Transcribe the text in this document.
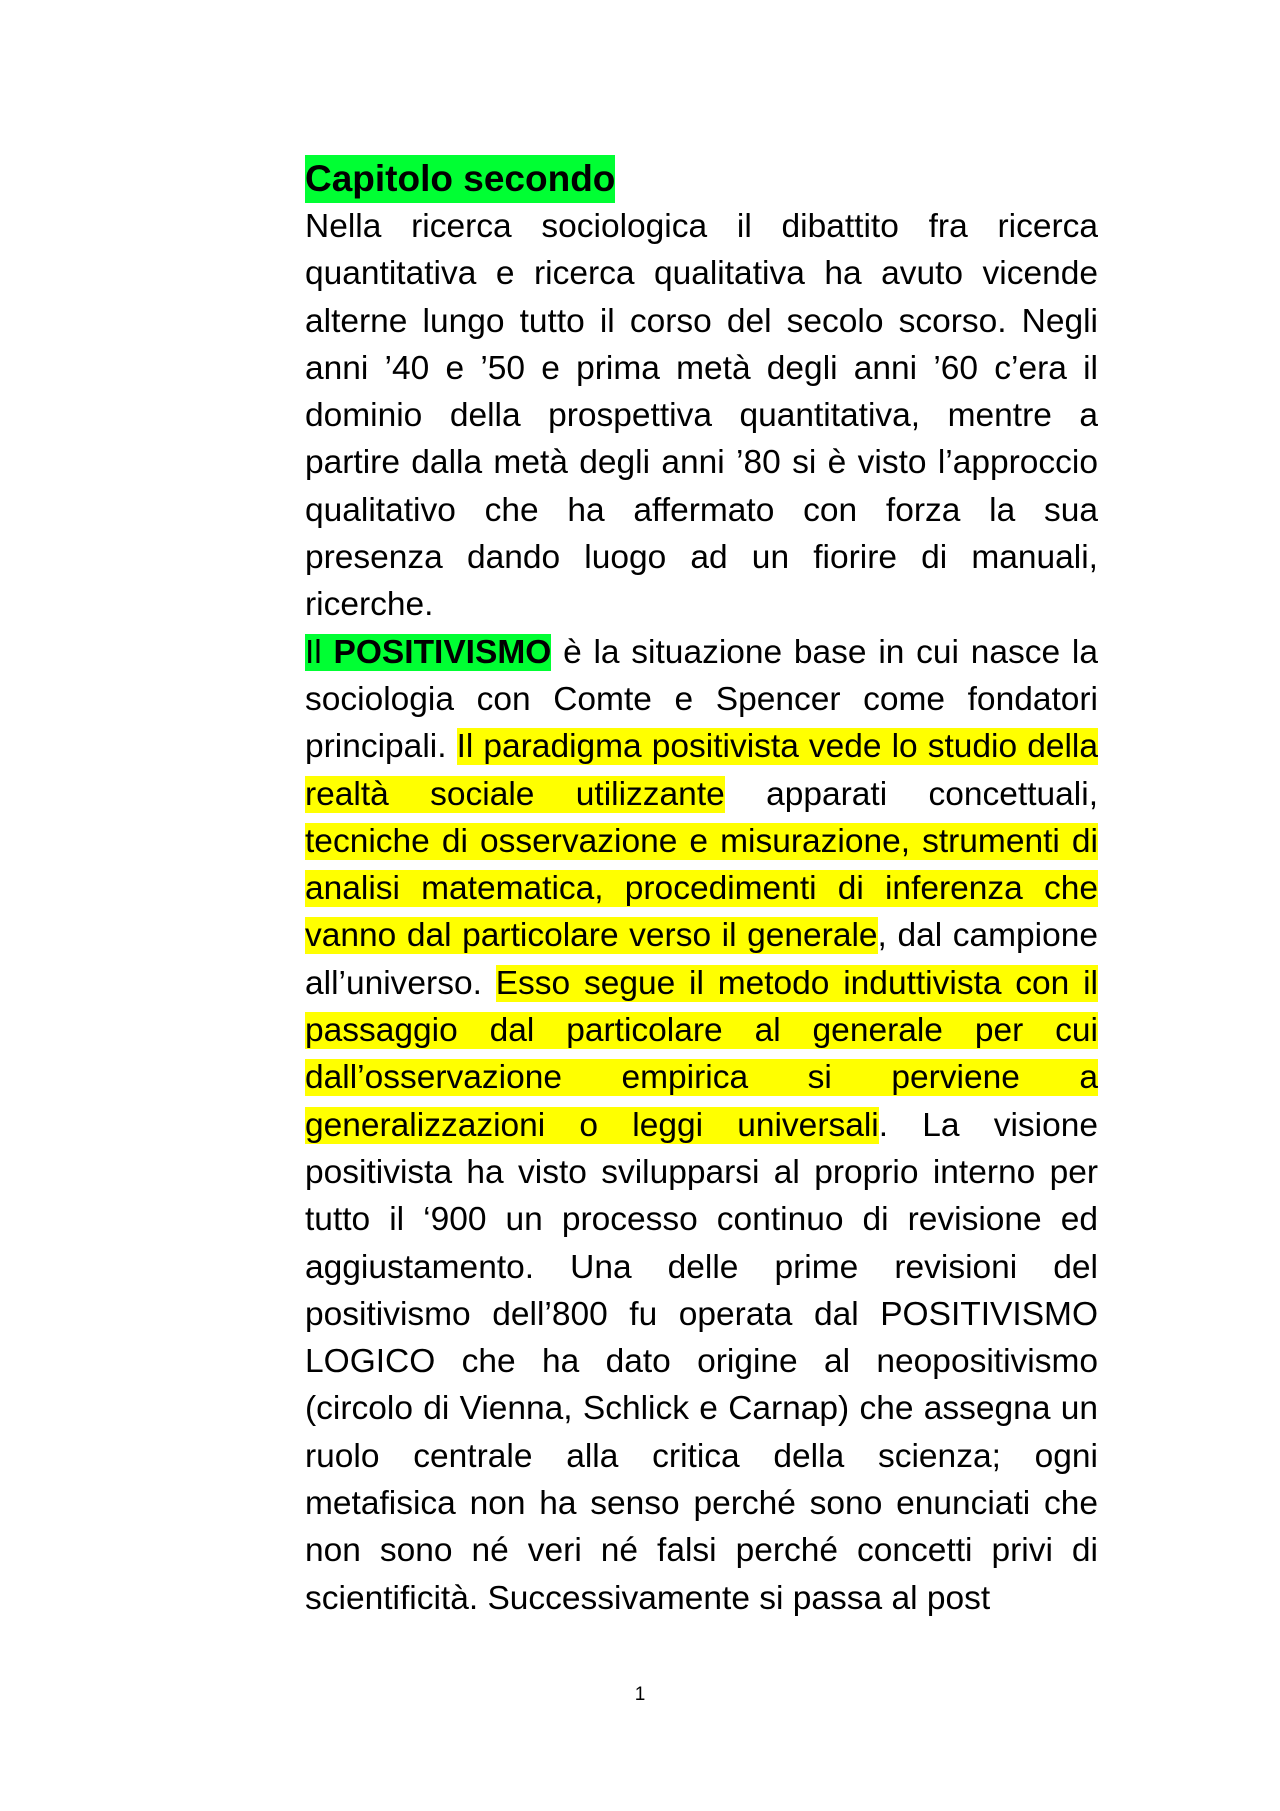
Capitolo secondo

Nella ricerca sociologica il dibattito fra ricerca quantitativa e ricerca qualitativa ha avuto vicende alterne lungo tutto il corso del secolo scorso. Negli anni ’40 e ’50 e prima metà degli anni ’60 c’era il dominio della prospettiva quantitativa, mentre a partire dalla metà degli anni ’80 si è visto l’approccio qualitativo che ha affermato con forza la sua presenza dando luogo ad un fiorire di manuali, ricerche.

Il POSITIVISMO è la situazione base in cui nasce la sociologia con Comte e Spencer come fondatori principali. Il paradigma positivista vede lo studio della realtà sociale utilizzante apparati concettuali, tecniche di osservazione e misurazione, strumenti di analisi matematica, procedimenti di inferenza che vanno dal particolare verso il generale, dal campione all’universo. Esso segue il metodo induttivista con il passaggio dal particolare al generale per cui dall’osservazione empirica si perviene a generalizzazioni o leggi universali. La visione positivista ha visto svilupparsi al proprio interno per tutto il ‘900 un processo continuo di revisione ed aggiustamento. Una delle prime revisioni del positivismo dell’800 fu operata dal POSITIVISMO LOGICO che ha dato origine al neopositivismo (circolo di Vienna, Schlick e Carnap) che assegna un ruolo centrale alla critica della scienza; ogni metafisica non ha senso perché sono enunciati che non sono né veri né falsi perché concetti privi di scientificità. Successivamente si passa al post

1
